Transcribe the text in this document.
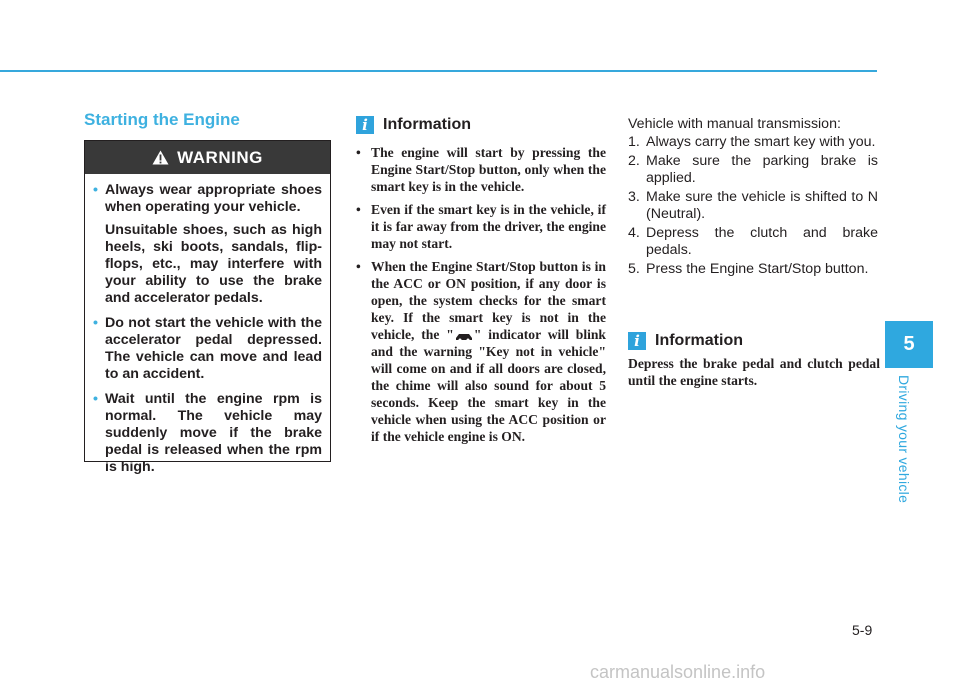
Starting the Engine
WARNING
• Always wear appropriate shoes when operating your vehicle.

Unsuitable shoes, such as high heels, ski boots, sandals, flip-flops, etc., may interfere with your ability to use the brake and accelerator pedals.

• Do not start the vehicle with the accelerator pedal depressed. The vehicle can move and lead to an accident.

• Wait until the engine rpm is normal. The vehicle may suddenly move if the brake pedal is released when the rpm is high.

i Information
• The engine will start by pressing the Engine Start/Stop button, only when the smart key is in the vehicle.
• Even if the smart key is in the vehicle, if it is far away from the driver, the engine may not start.
• When the Engine Start/Stop button is in the ACC or ON position, if any door is open, the system checks for the smart key. If the smart key is not in the vehicle, the " " indicator will blink and the warning "Key not in vehicle" will come on and if all doors are closed, the chime will also sound for about 5 seconds. Keep the smart key in the vehicle when using the ACC position or if the vehicle engine is ON.

Vehicle with manual transmission:

1. Always carry the smart key with you.
2. Make sure the parking brake is applied.
3. Make sure the vehicle is shifted to N (Neutral).
4. Depress the clutch and brake pedals.
5. Press the Engine Start/Stop button.
i Information

Depress the brake pedal and clutch pedal until the engine starts.

5

Driving your vehicle

5-9

carmanualsonline.info
